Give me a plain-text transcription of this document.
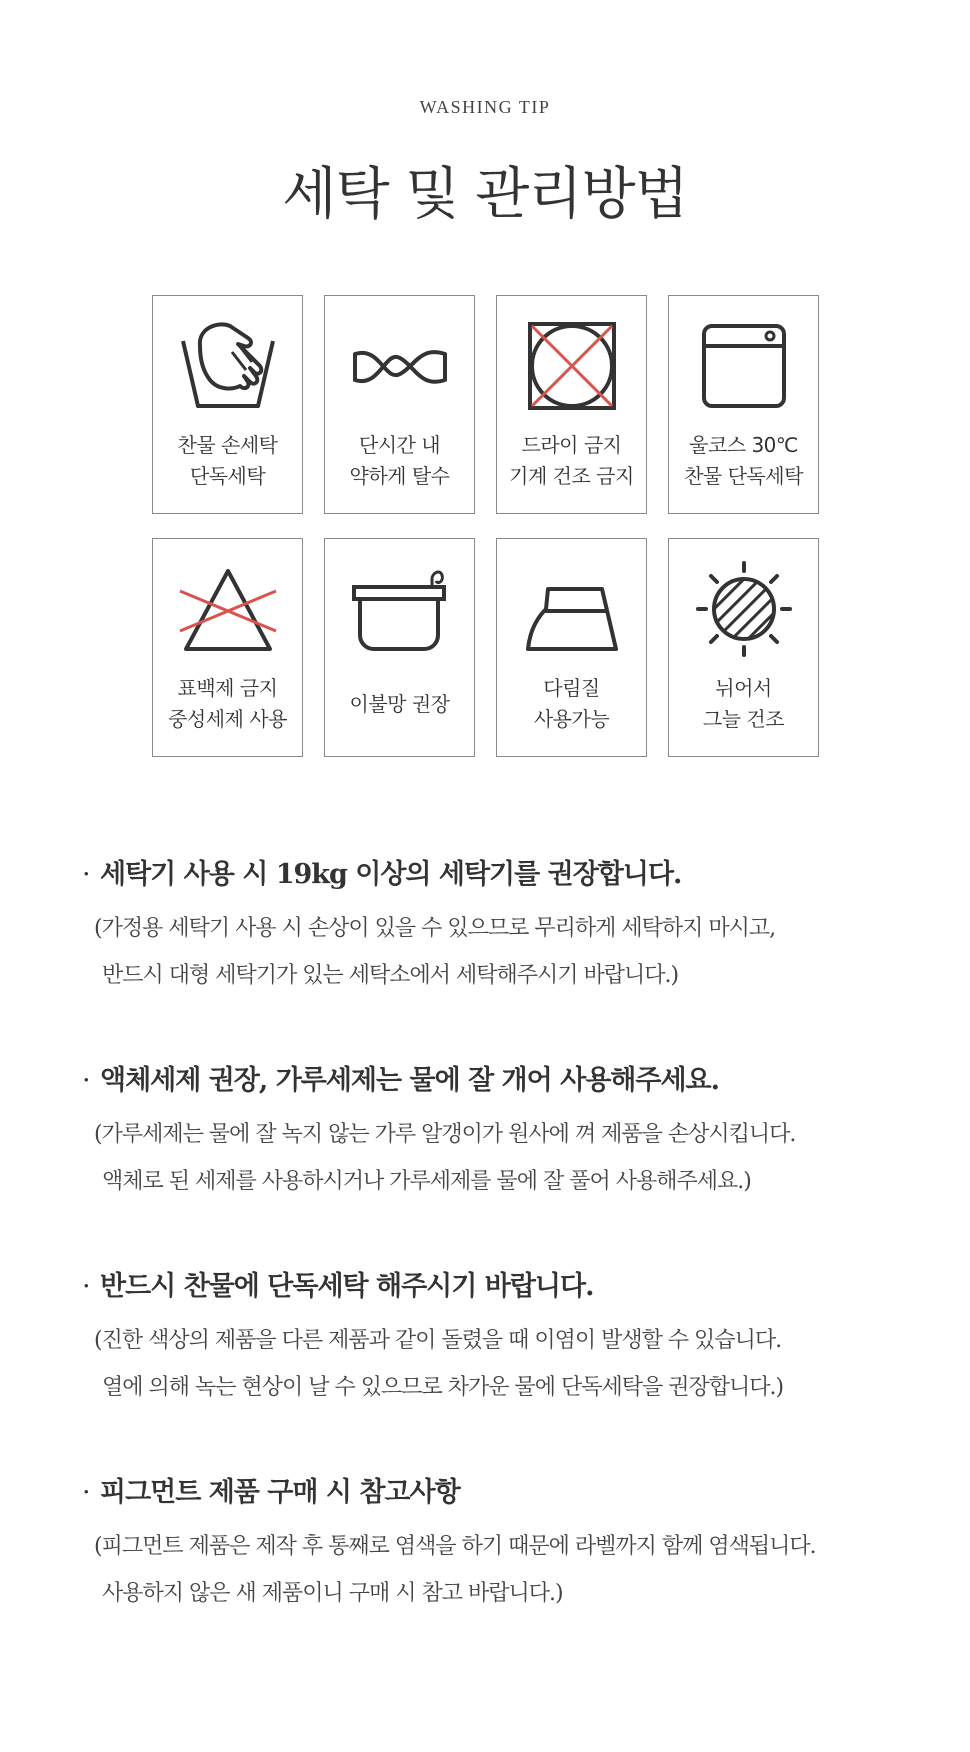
WASHING TIP
세탁 및 관리방법
찬물 손세탁
단독세탁
단시간 내
약하게 탈수
드라이 금지
기계 건조 금지
울코스 30℃
찬물 단독세탁
표백제 금지
중성세제 사용
이불망 권장
다림질
사용가능
뉘어서
그늘 건조
· 세탁기 사용 시 19kg 이상의 세탁기를 권장합니다.
(가정용 세탁기 사용 시 손상이 있을 수 있으므로 무리하게 세탁하지 마시고,
반드시 대형 세탁기가 있는 세탁소에서 세탁해주시기 바랍니다.)
· 액체세제 권장, 가루세제는 물에 잘 개어 사용해주세요.
(가루세제는 물에 잘 녹지 않는 가루 알갱이가 원사에 껴 제품을 손상시킵니다.
액체로 된 세제를 사용하시거나 가루세제를 물에 잘 풀어 사용해주세요.)
· 반드시 찬물에 단독세탁 해주시기 바랍니다.
(진한 색상의 제품을 다른 제품과 같이 돌렸을 때 이염이 발생할 수 있습니다.
열에 의해 녹는 현상이 날 수 있으므로 차가운 물에 단독세탁을 권장합니다.)
· 피그먼트 제품 구매 시 참고사항
(피그먼트 제품은 제작 후 통째로 염색을 하기 때문에 라벨까지 함께 염색됩니다.
사용하지 않은 새 제품이니 구매 시 참고 바랍니다.)
